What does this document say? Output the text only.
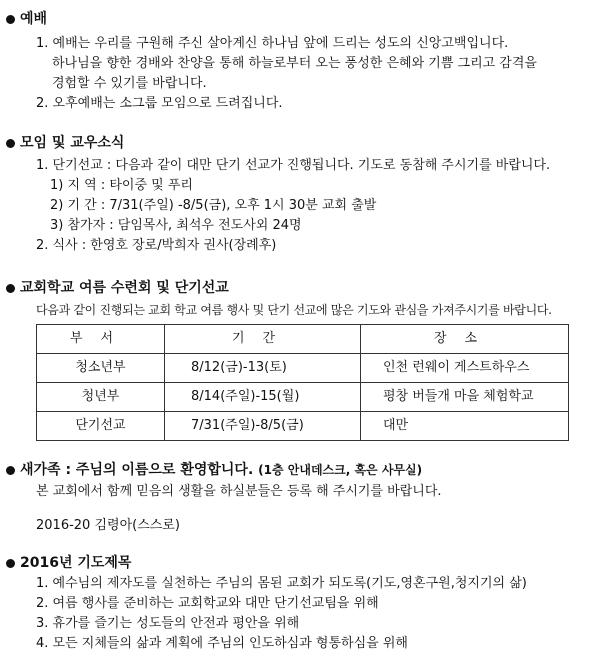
예배
1. 예배는 우리를 구원해 주신 살아계신 하나님 앞에 드리는 성도의 신앙고백입니다.
하나님을 향한 경배와 찬양을 통해 하늘로부터 오는 풍성한 은혜와 기쁨 그리고 감격을
경험할 수 있기를 바랍니다.
2. 오후예배는 소그룹 모임으로 드려집니다.
모임 및 교우소식
1. 단기선교 : 다음과 같이 대만 단기 선교가 진행됩니다. 기도로 동참해 주시기를 바랍니다.
1) 지 역 : 타이중 및 푸리
2) 기 간 : 7/31(주일) -8/5(금), 오후 1시 30분 교회 출발
3) 참가자 : 담임목사, 최석우 전도사외 24명
2. 식사 : 한영호 장로/박희자 권사(장례후)
교회학교 여름 수련회 및 단기선교
다음과 같이 진행되는 교회 학교 여름 행사 및 단기 선교에 많은 기도와 관심을 가져주시기를 바랍니다.
부서	기간	장소
청소년부	8/12(금)-13(토)	인천 런웨이 게스트하우스
청년부	8/14(주일)-15(월)	평창 버들개 마을 체험학교
단기선교	7/31(주일)-8/5(금)	대만
새가족 : 주님의 이름으로 환영합니다. (1층 안내데스크, 혹은 사무실)
본 교회에서 함께 믿음의 생활을 하실분들은 등록 해 주시기를 바랍니다.
2016-20 김령아(스스로)
2016년 기도제목
1. 예수님의 제자도를 실천하는 주님의 몸된 교회가 되도록(기도,영혼구원,청지기의 삶)
2. 여름 행사를 준비하는 교회학교와 대만 단기선교팀을 위해
3. 휴가를 즐기는 성도들의 안전과 평안을 위해
4. 모든 지체들의 삶과 계획에 주님의 인도하심과 형통하심을 위해
